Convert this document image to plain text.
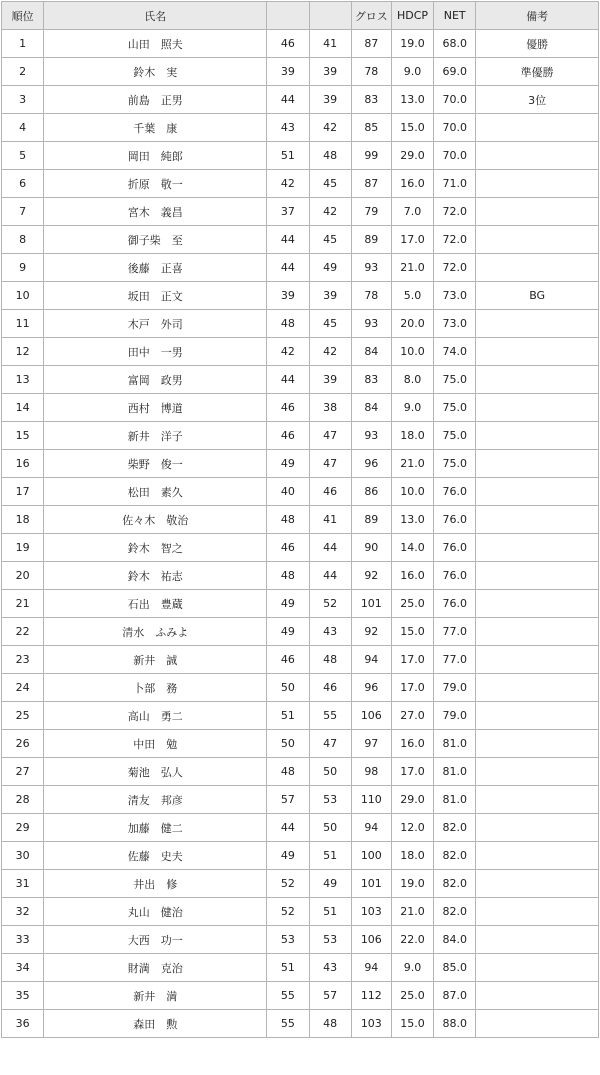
順位	氏名			グロス	HDCP	NET	備考
1	山田　照夫	46	41	87	19.0	68.0	優勝
2	鈴木　実	39	39	78	9.0	69.0	準優勝
3	前島　正男	44	39	83	13.0	70.0	3位
4	千葉　康	43	42	85	15.0	70.0	
5	岡田　純郎	51	48	99	29.0	70.0	
6	折原　敬一	42	45	87	16.0	71.0	
7	宮木　義昌	37	42	79	7.0	72.0	
8	御子柴　至	44	45	89	17.0	72.0	
9	後藤　正喜	44	49	93	21.0	72.0	
10	坂田　正文	39	39	78	5.0	73.0	BG
11	木戸　外司	48	45	93	20.0	73.0	
12	田中　一男	42	42	84	10.0	74.0	
13	富岡　政男	44	39	83	8.0	75.0	
14	西村　博道	46	38	84	9.0	75.0	
15	新井　洋子	46	47	93	18.0	75.0	
16	柴野　俊一	49	47	96	21.0	75.0	
17	松田　素久	40	46	86	10.0	76.0	
18	佐々木　敬治	48	41	89	13.0	76.0	
19	鈴木　智之	46	44	90	14.0	76.0	
20	鈴木　祐志	48	44	92	16.0	76.0	
21	石出　豊蔵	49	52	101	25.0	76.0	
22	清水　ふみよ	49	43	92	15.0	77.0	
23	新井　誠	46	48	94	17.0	77.0	
24	卜部　務	50	46	96	17.0	79.0	
25	高山　勇二	51	55	106	27.0	79.0	
26	中田　勉	50	47	97	16.0	81.0	
27	菊池　弘人	48	50	98	17.0	81.0	
28	清友　邦彦	57	53	110	29.0	81.0	
29	加藤　健二	44	50	94	12.0	82.0	
30	佐藤　史夫	49	51	100	18.0	82.0	
31	井出　修	52	49	101	19.0	82.0	
32	丸山　健治	52	51	103	21.0	82.0	
33	大西　功一	53	53	106	22.0	84.0	
34	財満　克治	51	43	94	9.0	85.0	
35	新井　満	55	57	112	25.0	87.0	
36	森田　勲	55	48	103	15.0	88.0	
